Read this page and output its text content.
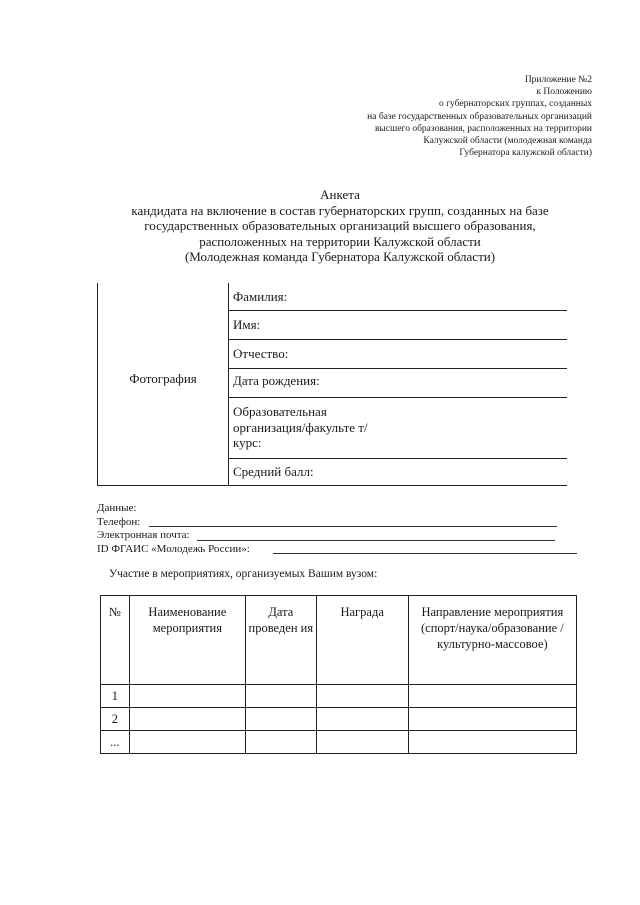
Приложение №2
к Положению
о губернаторских группах, созданных
на базе государственных образовательных организаций
высшего образования, расположенных на территории
Калужской области (молодежная команда
Губернатора калужской области)
Анкета
кандидата на включение в состав губернаторских групп, созданных на базе
государственных образовательных организаций высшего образования,
расположенных на территории Калужской области
(Молодежная команда Губернатора Калужской области)
Фотография

Фамилия:

Имя:

Отчество:

Дата рождения:

Образовательная организация/факульте т/курс:

Средний балл:
Данные:
Телефон:
Электронная почта:
ID ФГАИС «Молодежь России»:
Участие в мероприятиях, организуемых Вашим вузом:
№	Наименование мероприятия	Дата проведен ия	Награда	Направление мероприятия (спорт/наука/образование /культурно-массовое)
1				
2				
...				
